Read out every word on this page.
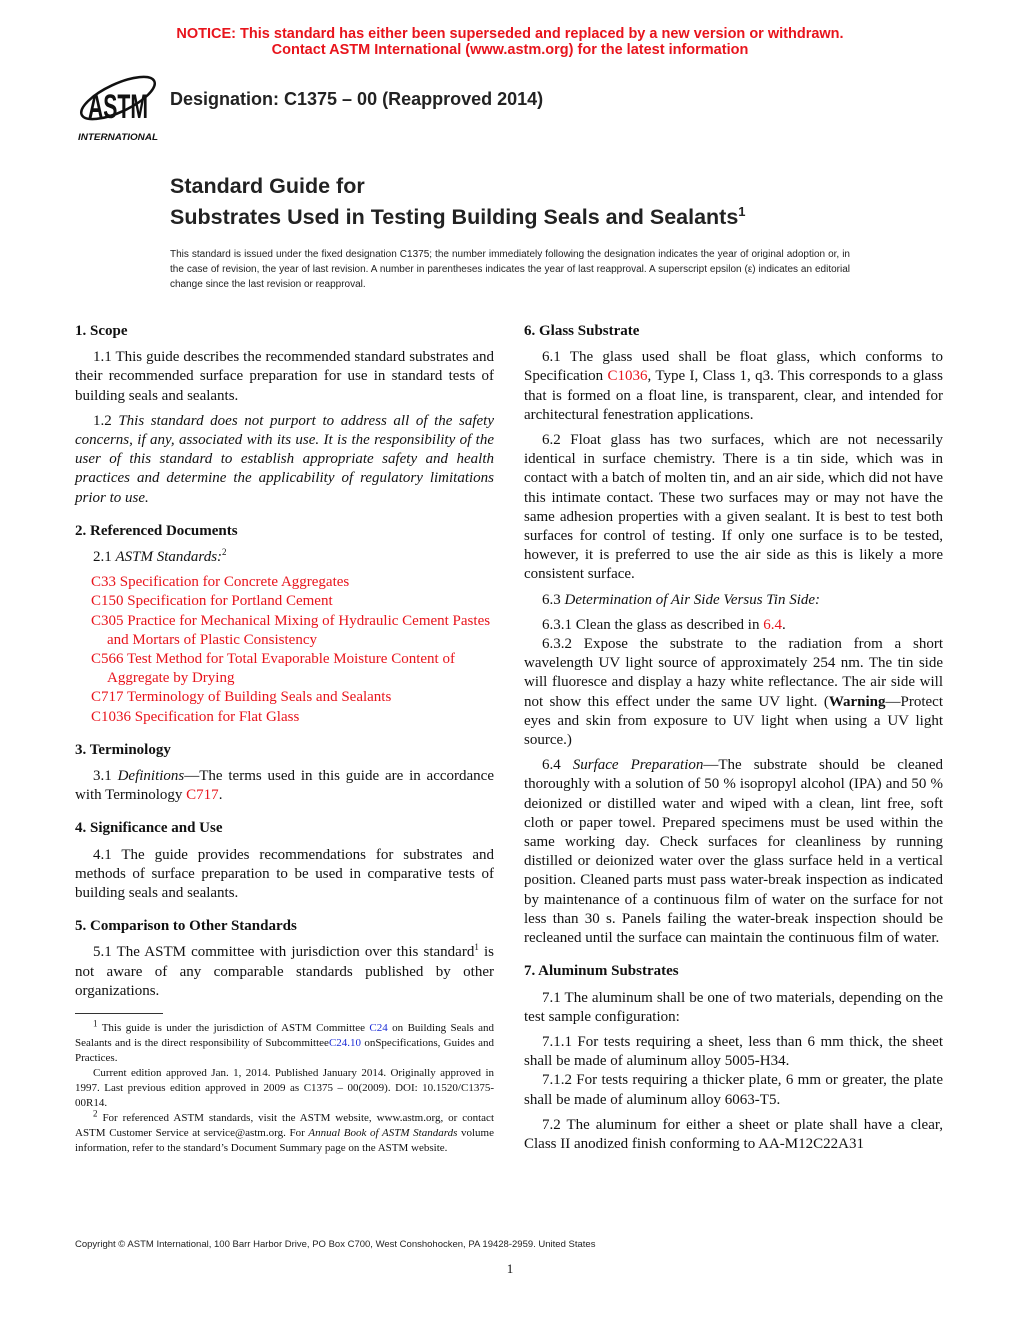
NOTICE: This standard has either been superseded and replaced by a new version or withdrawn.
Contact ASTM International (www.astm.org) for the latest information
ASTM
INTERNATIONAL
Designation: C1375 – 00 (Reapproved 2014)
Standard Guide for
Substrates Used in Testing Building Seals and Sealants$^1$
This standard is issued under the fixed designation C1375; the number immediately following the designation indicates the year of original adoption or, in the case of revision, the year of last revision. A number in parentheses indicates the year of last reapproval. A superscript epsilon (ε) indicates an editorial change since the last revision or reapproval.
1. Scope

1.1 This guide describes the recommended standard substrates and their recommended surface preparation for use in standard tests of building seals and sealants.

1.2 This standard does not purport to address all of the safety concerns, if any, associated with its use. It is the responsibility of the user of this standard to establish appropriate safety and health practices and determine the applicability of regulatory limitations prior to use.

2. Referenced Documents

2.1 ASTM Standards:$^2$

C33 Specification for Concrete Aggregates

C150 Specification for Portland Cement

C305 Practice for Mechanical Mixing of Hydraulic Cement Pastes and Mortars of Plastic Consistency

C566 Test Method for Total Evaporable Moisture Content of Aggregate by Drying

C717 Terminology of Building Seals and Sealants

C1036 Specification for Flat Glass

3. Terminology

3.1 Definitions—The terms used in this guide are in accordance with Terminology C717.

4. Significance and Use

4.1 The guide provides recommendations for substrates and methods of surface preparation to be used in comparative tests of building seals and sealants.

5. Comparison to Other Standards

5.1 The ASTM committee with jurisdiction over this standard$^1$ is not aware of any comparable standards published by other organizations.

6. Glass Substrate

6.1 The glass used shall be float glass, which conforms to Specification C1036, Type I, Class 1, q3. This corresponds to a glass that is formed on a float line, is transparent, clear, and intended for architectural fenestration applications.

6.2 Float glass has two surfaces, which are not necessarily identical in surface chemistry. There is a tin side, which was in contact with a batch of molten tin, and an air side, which did not have this intimate contact. These two surfaces may or may not have the same adhesion properties with a given sealant. It is best to test both surfaces for control of testing. If only one surface is to be tested, however, it is preferred to use the air side as this is likely a more consistent surface.

6.3 Determination of Air Side Versus Tin Side:

6.3.1 Clean the glass as described in 6.4.

6.3.2 Expose the substrate to the radiation from a short wavelength UV light source of approximately 254 nm. The tin side will fluoresce and display a hazy white reflectance. The air side will not show this effect under the same UV light. (Warning—Protect eyes and skin from exposure to UV light when using a UV light source.)

6.4 Surface Preparation—The substrate should be cleaned thoroughly with a solution of 50 % isopropyl alcohol (IPA) and 50 % deionized or distilled water and wiped with a clean, lint free, soft cloth or paper towel. Prepared specimens must be used within the same working day. Check surfaces for cleanliness by running distilled or deionized water over the glass surface held in a vertical position. Cleaned parts must pass water-break inspection as indicated by maintenance of a continuous film of water on the surface for not less than 30 s. Panels failing the water-break inspection should be recleaned until the surface can maintain the continuous film of water.

7. Aluminum Substrates

7.1 The aluminum shall be one of two materials, depending on the test sample configuration:

7.1.1 For tests requiring a sheet, less than 6 mm thick, the sheet shall be made of aluminum alloy 5005-H34.

7.1.2 For tests requiring a thicker plate, 6 mm or greater, the plate shall be made of aluminum alloy 6063-T5.

7.2 The aluminum for either a sheet or plate shall have a clear, Class II anodized finish conforming to AA-M12C22A31

$^1$ This guide is under the jurisdiction of ASTM Committee C24 on Building Seals and Sealants and is the direct responsibility of SubcommitteeC24.10 onSpecifications, Guides and Practices.

Current edition approved Jan. 1, 2014. Published January 2014. Originally approved in 1997. Last previous edition approved in 2009 as C1375 – 00(2009). DOI: 10.1520/C1375-00R14.

$^2$ For referenced ASTM standards, visit the ASTM website, www.astm.org, or contact ASTM Customer Service at service@astm.org. For Annual Book of ASTM Standards volume information, refer to the standard’s Document Summary page on the ASTM website.

Copyright © ASTM International, 100 Barr Harbor Drive, PO Box C700, West Conshohocken, PA 19428-2959. United States
1
